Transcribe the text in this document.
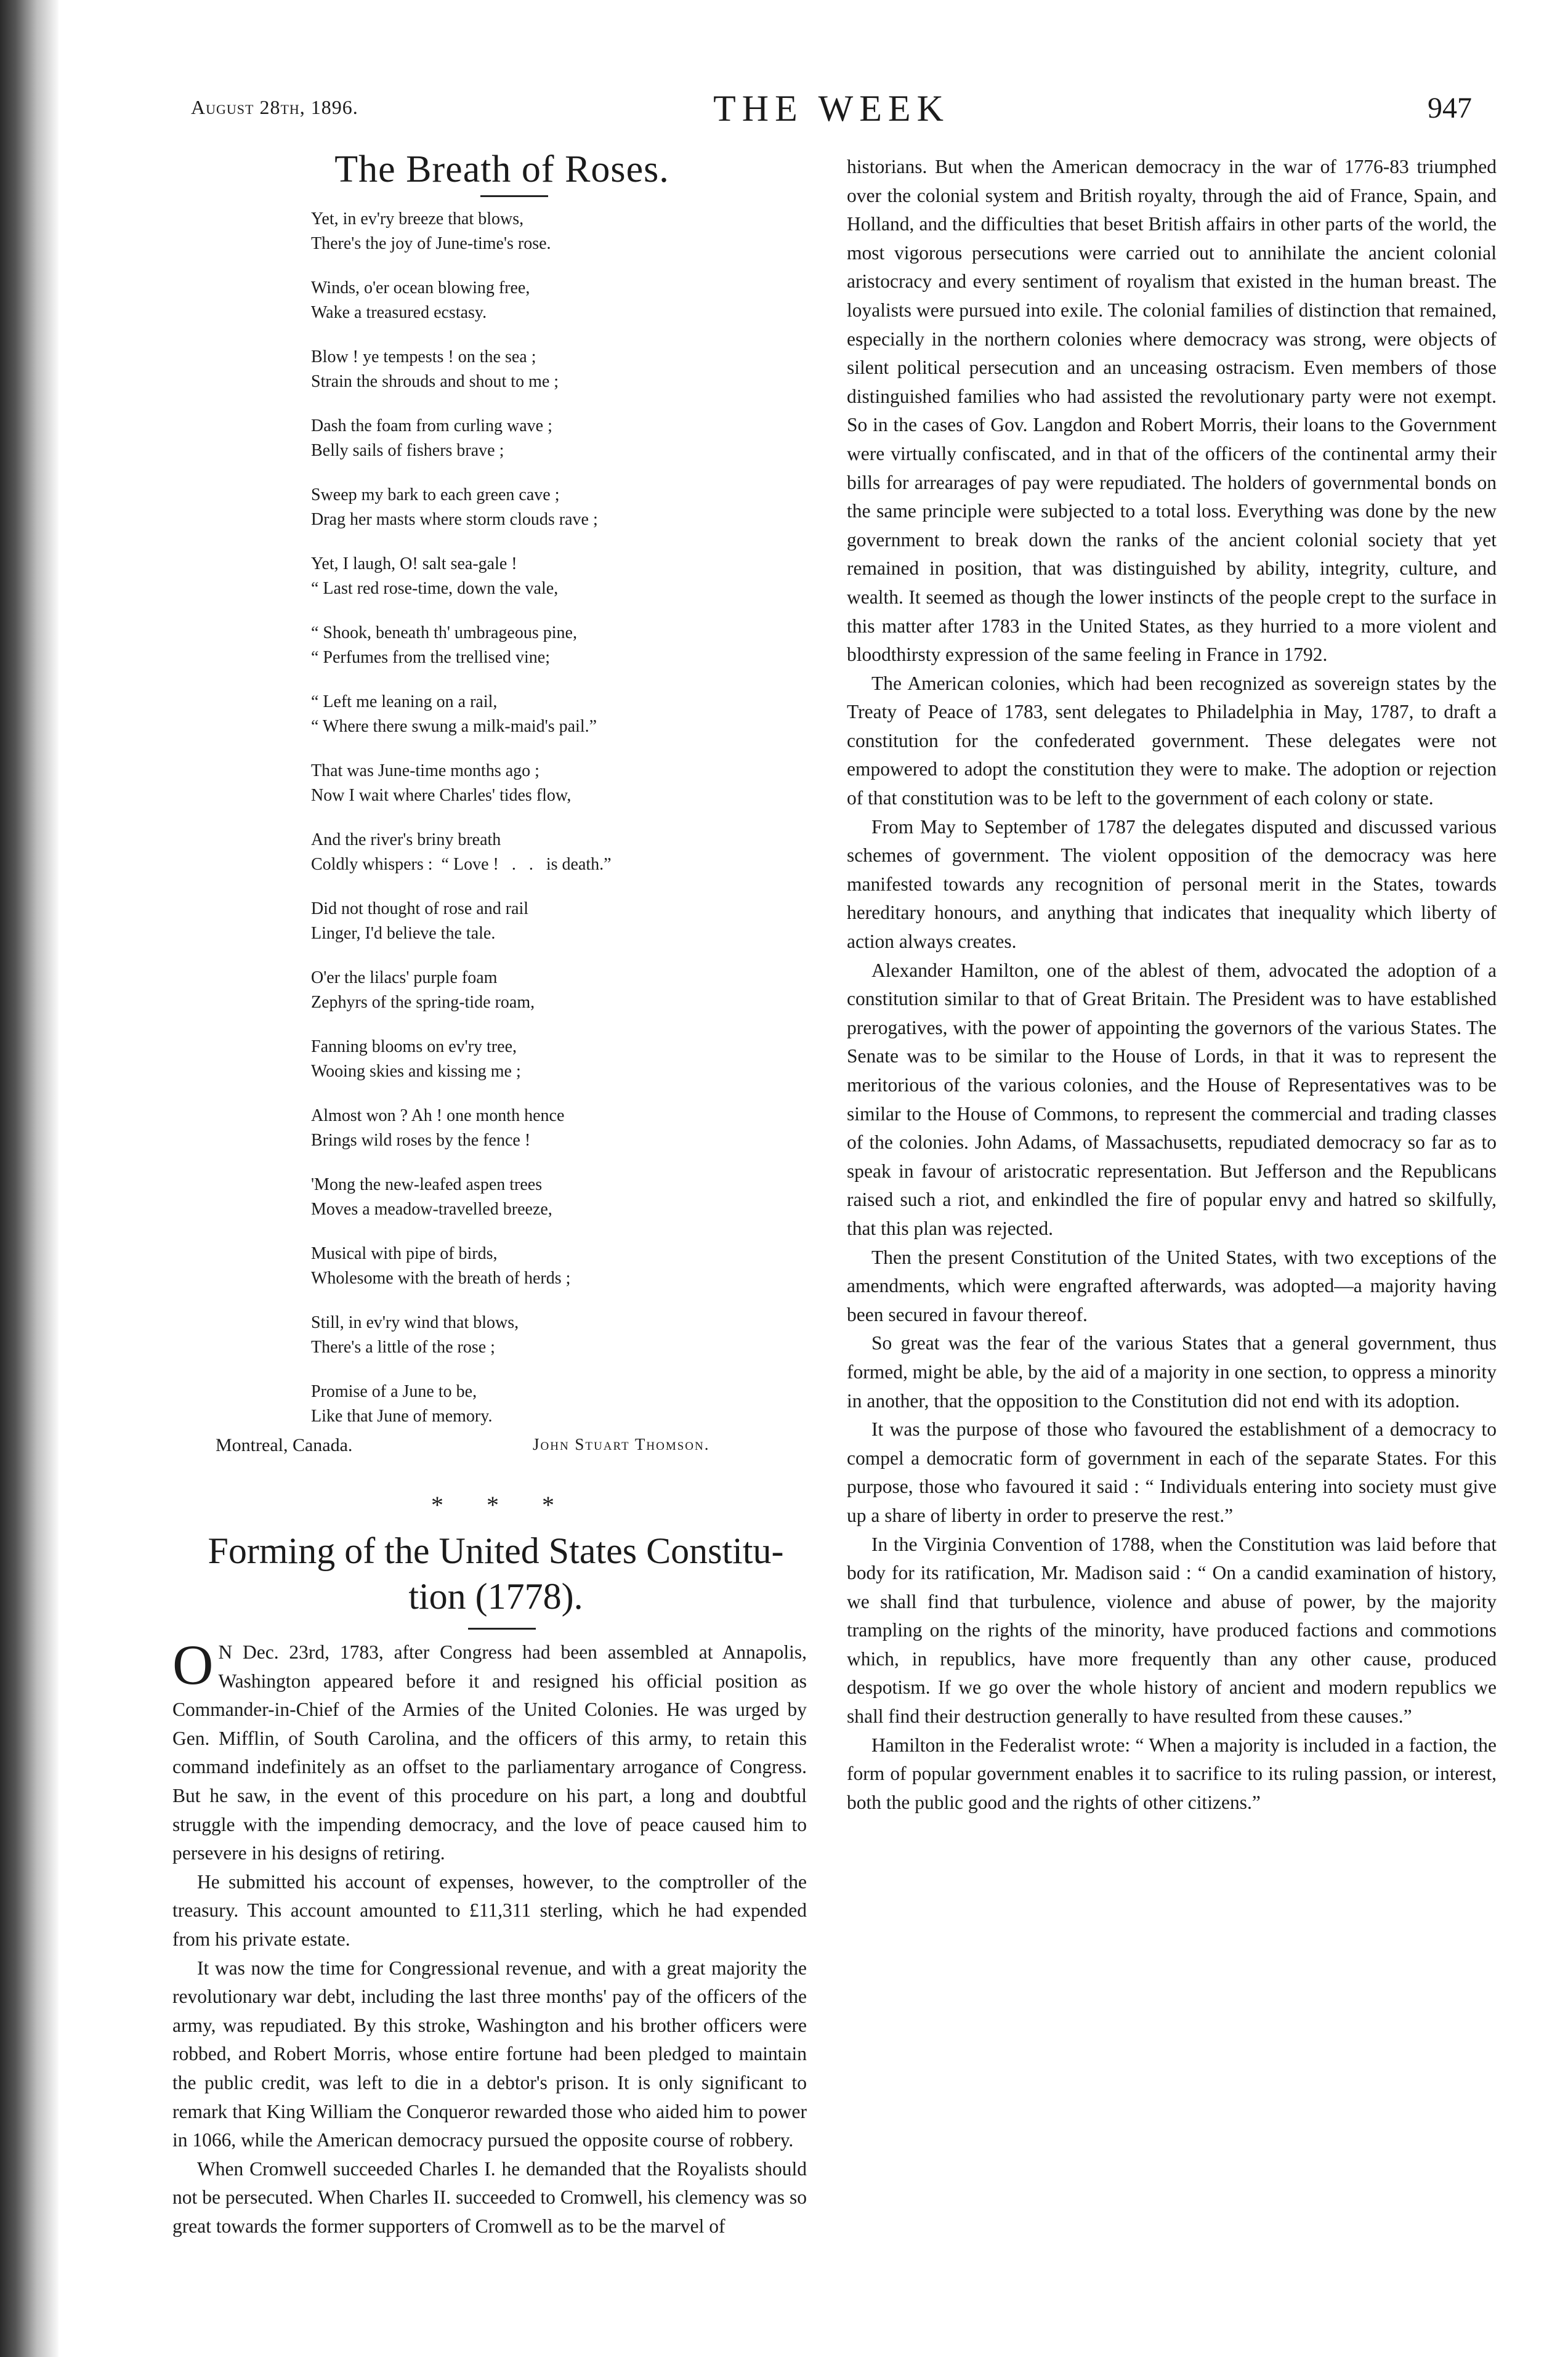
August 28th, 1896.	THE WEEK	947
The Breath of Roses.
Yet, in ev'ry breeze that blows,
There's the joy of June-time's rose.
Winds, o'er ocean blowing free,
Wake a treasured ecstasy.
Blow ! ye tempests ! on the sea ;
Strain the shrouds and shout to me ;
Dash the foam from curling wave ;
Belly sails of fishers brave ;
Sweep my bark to each green cave ;
Drag her masts where storm clouds rave ;
Yet, I laugh, O! salt sea-gale !
“ Last red rose-time, down the vale,
“ Shook, beneath th' umbrageous pine,
“ Perfumes from the trellised vine;
“ Left me leaning on a rail,
“ Where there swung a milk-maid's pail.”
That was June-time months ago ;
Now I wait where Charles' tides flow,
And the river's briny breath
Coldly whispers :  “ Love !   .   .   is death.”
Did not thought of rose and rail
Linger, I'd believe the tale.
O'er the lilacs' purple foam
Zephyrs of the spring-tide roam,
Fanning blooms on ev'ry tree,
Wooing skies and kissing me ;
Almost won ? Ah ! one month hence
Brings wild roses by the fence !
'Mong the new-leafed aspen trees
Moves a meadow-travelled breeze,
Musical with pipe of birds,
Wholesome with the breath of herds ;
Still, in ev'ry wind that blows,
There's a little of the rose ;
Promise of a June to be,
Like that June of memory.
Montreal, Canada.	John Stuart Thomson.
* * *
Forming of the United States Constitu-
tion (1778).

O N Dec. 23rd, 1783, after Congress had been assembled at Annapolis, Washington appeared before it and resigned his official position as Commander-in-Chief of the Armies of the United Colonies. He was urged by Gen. Mifflin, of South Carolina, and the officers of this army, to retain this command indefinitely as an offset to the parliamentary arrogance of Congress. But he saw, in the event of this procedure on his part, a long and doubtful struggle with the impending democracy, and the love of peace caused him to persevere in his designs of retiring.

He submitted his account of expenses, however, to the comptroller of the treasury. This account amounted to £11,311 sterling, which he had expended from his private estate.

It was now the time for Congressional revenue, and with a great majority the revolutionary war debt, including the last three months' pay of the officers of the army, was repudiated. By this stroke, Washington and his brother officers were robbed, and Robert Morris, whose entire fortune had been pledged to maintain the public credit, was left to die in a debtor's prison. It is only significant to remark that King William the Conqueror rewarded those who aided him to power in 1066, while the American democracy pursued the opposite course of robbery.

When Cromwell succeeded Charles I. he demanded that the Royalists should not be persecuted. When Charles II. succeeded to Cromwell, his clemency was so great towards the former supporters of Cromwell as to be the marvel of

historians. But when the American democracy in the war of 1776-83 triumphed over the colonial system and British royalty, through the aid of France, Spain, and Holland, and the difficulties that beset British affairs in other parts of the world, the most vigorous persecutions were carried out to annihilate the ancient colonial aristocracy and every sentiment of royalism that existed in the human breast. The loyalists were pursued into exile. The colonial families of distinction that remained, especially in the northern colonies where democracy was strong, were objects of silent political persecution and an unceasing ostracism. Even members of those distinguished families who had assisted the revolutionary party were not exempt. So in the cases of Gov. Langdon and Robert Morris, their loans to the Government were virtually confiscated, and in that of the officers of the continental army their bills for arrearages of pay were repudiated. The holders of governmental bonds on the same principle were subjected to a total loss. Everything was done by the new government to break down the ranks of the ancient colonial society that yet remained in position, that was distinguished by ability, integrity, culture, and wealth. It seemed as though the lower instincts of the people crept to the surface in this matter after 1783 in the United States, as they hurried to a more violent and bloodthirsty expression of the same feeling in France in 1792.

The American colonies, which had been recognized as sovereign states by the Treaty of Peace of 1783, sent delegates to Philadelphia in May, 1787, to draft a constitution for the confederated government. These delegates were not empowered to adopt the constitution they were to make. The adoption or rejection of that constitution was to be left to the government of each colony or state.

From May to September of 1787 the delegates disputed and discussed various schemes of government. The violent opposition of the democracy was here manifested towards any recognition of personal merit in the States, towards hereditary honours, and anything that indicates that inequality which liberty of action always creates.

Alexander Hamilton, one of the ablest of them, advocated the adoption of a constitution similar to that of Great Britain. The President was to have established prerogatives, with the power of appointing the governors of the various States. The Senate was to be similar to the House of Lords, in that it was to represent the meritorious of the various colonies, and the House of Representatives was to be similar to the House of Commons, to represent the commercial and trading classes of the colonies. John Adams, of Massachusetts, repudiated democracy so far as to speak in favour of aristocratic representation. But Jefferson and the Republicans raised such a riot, and enkindled the fire of popular envy and hatred so skilfully, that this plan was rejected.

Then the present Constitution of the United States, with two exceptions of the amendments, which were engrafted afterwards, was adopted—a majority having been secured in favour thereof.

So great was the fear of the various States that a general government, thus formed, might be able, by the aid of a majority in one section, to oppress a minority in another, that the opposition to the Constitution did not end with its adoption.

It was the purpose of those who favoured the establishment of a democracy to compel a democratic form of government in each of the separate States. For this purpose, those who favoured it said : “ Individuals entering into society must give up a share of liberty in order to preserve the rest.”

In the Virginia Convention of 1788, when the Constitution was laid before that body for its ratification, Mr. Madison said : “ On a candid examination of history, we shall find that turbulence, violence and abuse of power, by the majority trampling on the rights of the minority, have produced factions and commotions which, in republics, have more frequently than any other cause, produced despotism. If we go over the whole history of ancient and modern republics we shall find their destruction generally to have resulted from these causes.”

Hamilton in the Federalist wrote: “ When a majority is included in a faction, the form of popular government enables it to sacrifice to its ruling passion, or interest, both the public good and the rights of other citizens.”
